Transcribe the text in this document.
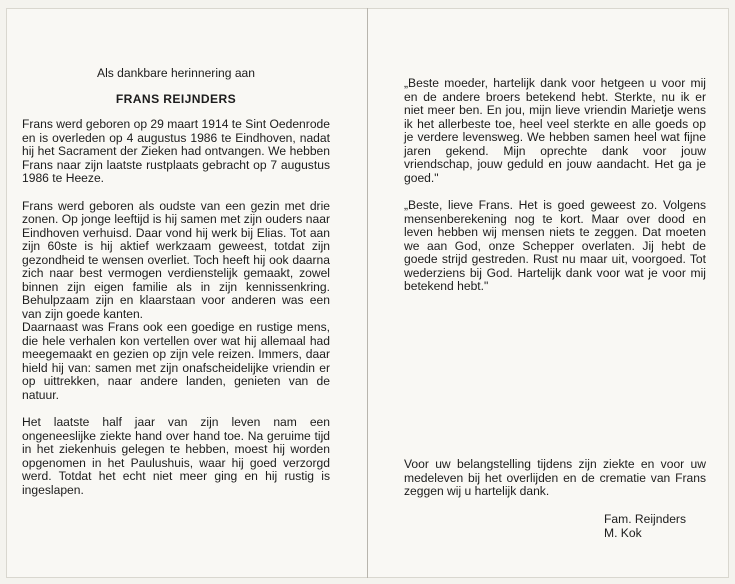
Als dankbare herinnering aan

FRANS REIJNDERS

Frans werd geboren op 29 maart 1914 te Sint Oedenrode en is overleden op 4 augustus 1986 te Eindhoven, nadat hij het Sacrament der Zieken had ontvangen. We hebben Frans naar zijn laatste rustplaats gebracht op 7 augustus 1986 te Heeze.

Frans werd geboren als oudste van een gezin met drie zonen. Op jonge leeftijd is hij samen met zijn ouders naar Eindhoven verhuisd. Daar vond hij werk bij Elias. Tot aan zijn 60ste is hij aktief werkzaam geweest, totdat zijn gezondheid te wensen overliet. Toch heeft hij ook daarna zich naar best vermogen verdienstelijk gemaakt, zowel binnen zijn eigen familie als in zijn kennissenkring. Behulpzaam zijn en klaarstaan voor anderen was een van zijn goede kanten.

Daarnaast was Frans ook een goedige en rustige mens, die hele verhalen kon vertellen over wat hij allemaal had meegemaakt en gezien op zijn vele reizen. Immers, daar hield hij van: samen met zijn onafscheidelijke vriendin er op uittrekken, naar andere landen, genieten van de natuur.

Het laatste half jaar van zijn leven nam een ongeneeslijke ziekte hand over hand toe. Na geruime tijd in het ziekenhuis gelegen te hebben, moest hij worden opgenomen in het Paulushuis, waar hij goed verzorgd werd. Totdat het echt niet meer ging en hij rustig is ingeslapen.

„Beste moeder, hartelijk dank voor hetgeen u voor mij en de andere broers betekend hebt. Sterkte, nu ik er niet meer ben. En jou, mijn lieve vriendin Marietje wens ik het allerbeste toe, heel veel sterkte en alle goeds op je verdere levensweg. We hebben samen heel wat fijne jaren gekend. Mijn oprechte dank voor jouw vriendschap, jouw geduld en jouw aandacht. Het ga je goed."

„Beste, lieve Frans. Het is goed geweest zo. Volgens mensenberekening nog te kort. Maar over dood en leven hebben wij mensen niets te zeggen. Dat moeten we aan God, onze Schepper overlaten. Jij hebt de goede strijd gestreden. Rust nu maar uit, voorgoed. Tot wederziens bij God. Hartelijk dank voor wat je voor mij betekend hebt."

Voor uw belangstelling tijdens zijn ziekte en voor uw medeleven bij het overlijden en de crematie van Frans zeggen wij u hartelijk dank.

Fam. Reijnders
M. Kok
